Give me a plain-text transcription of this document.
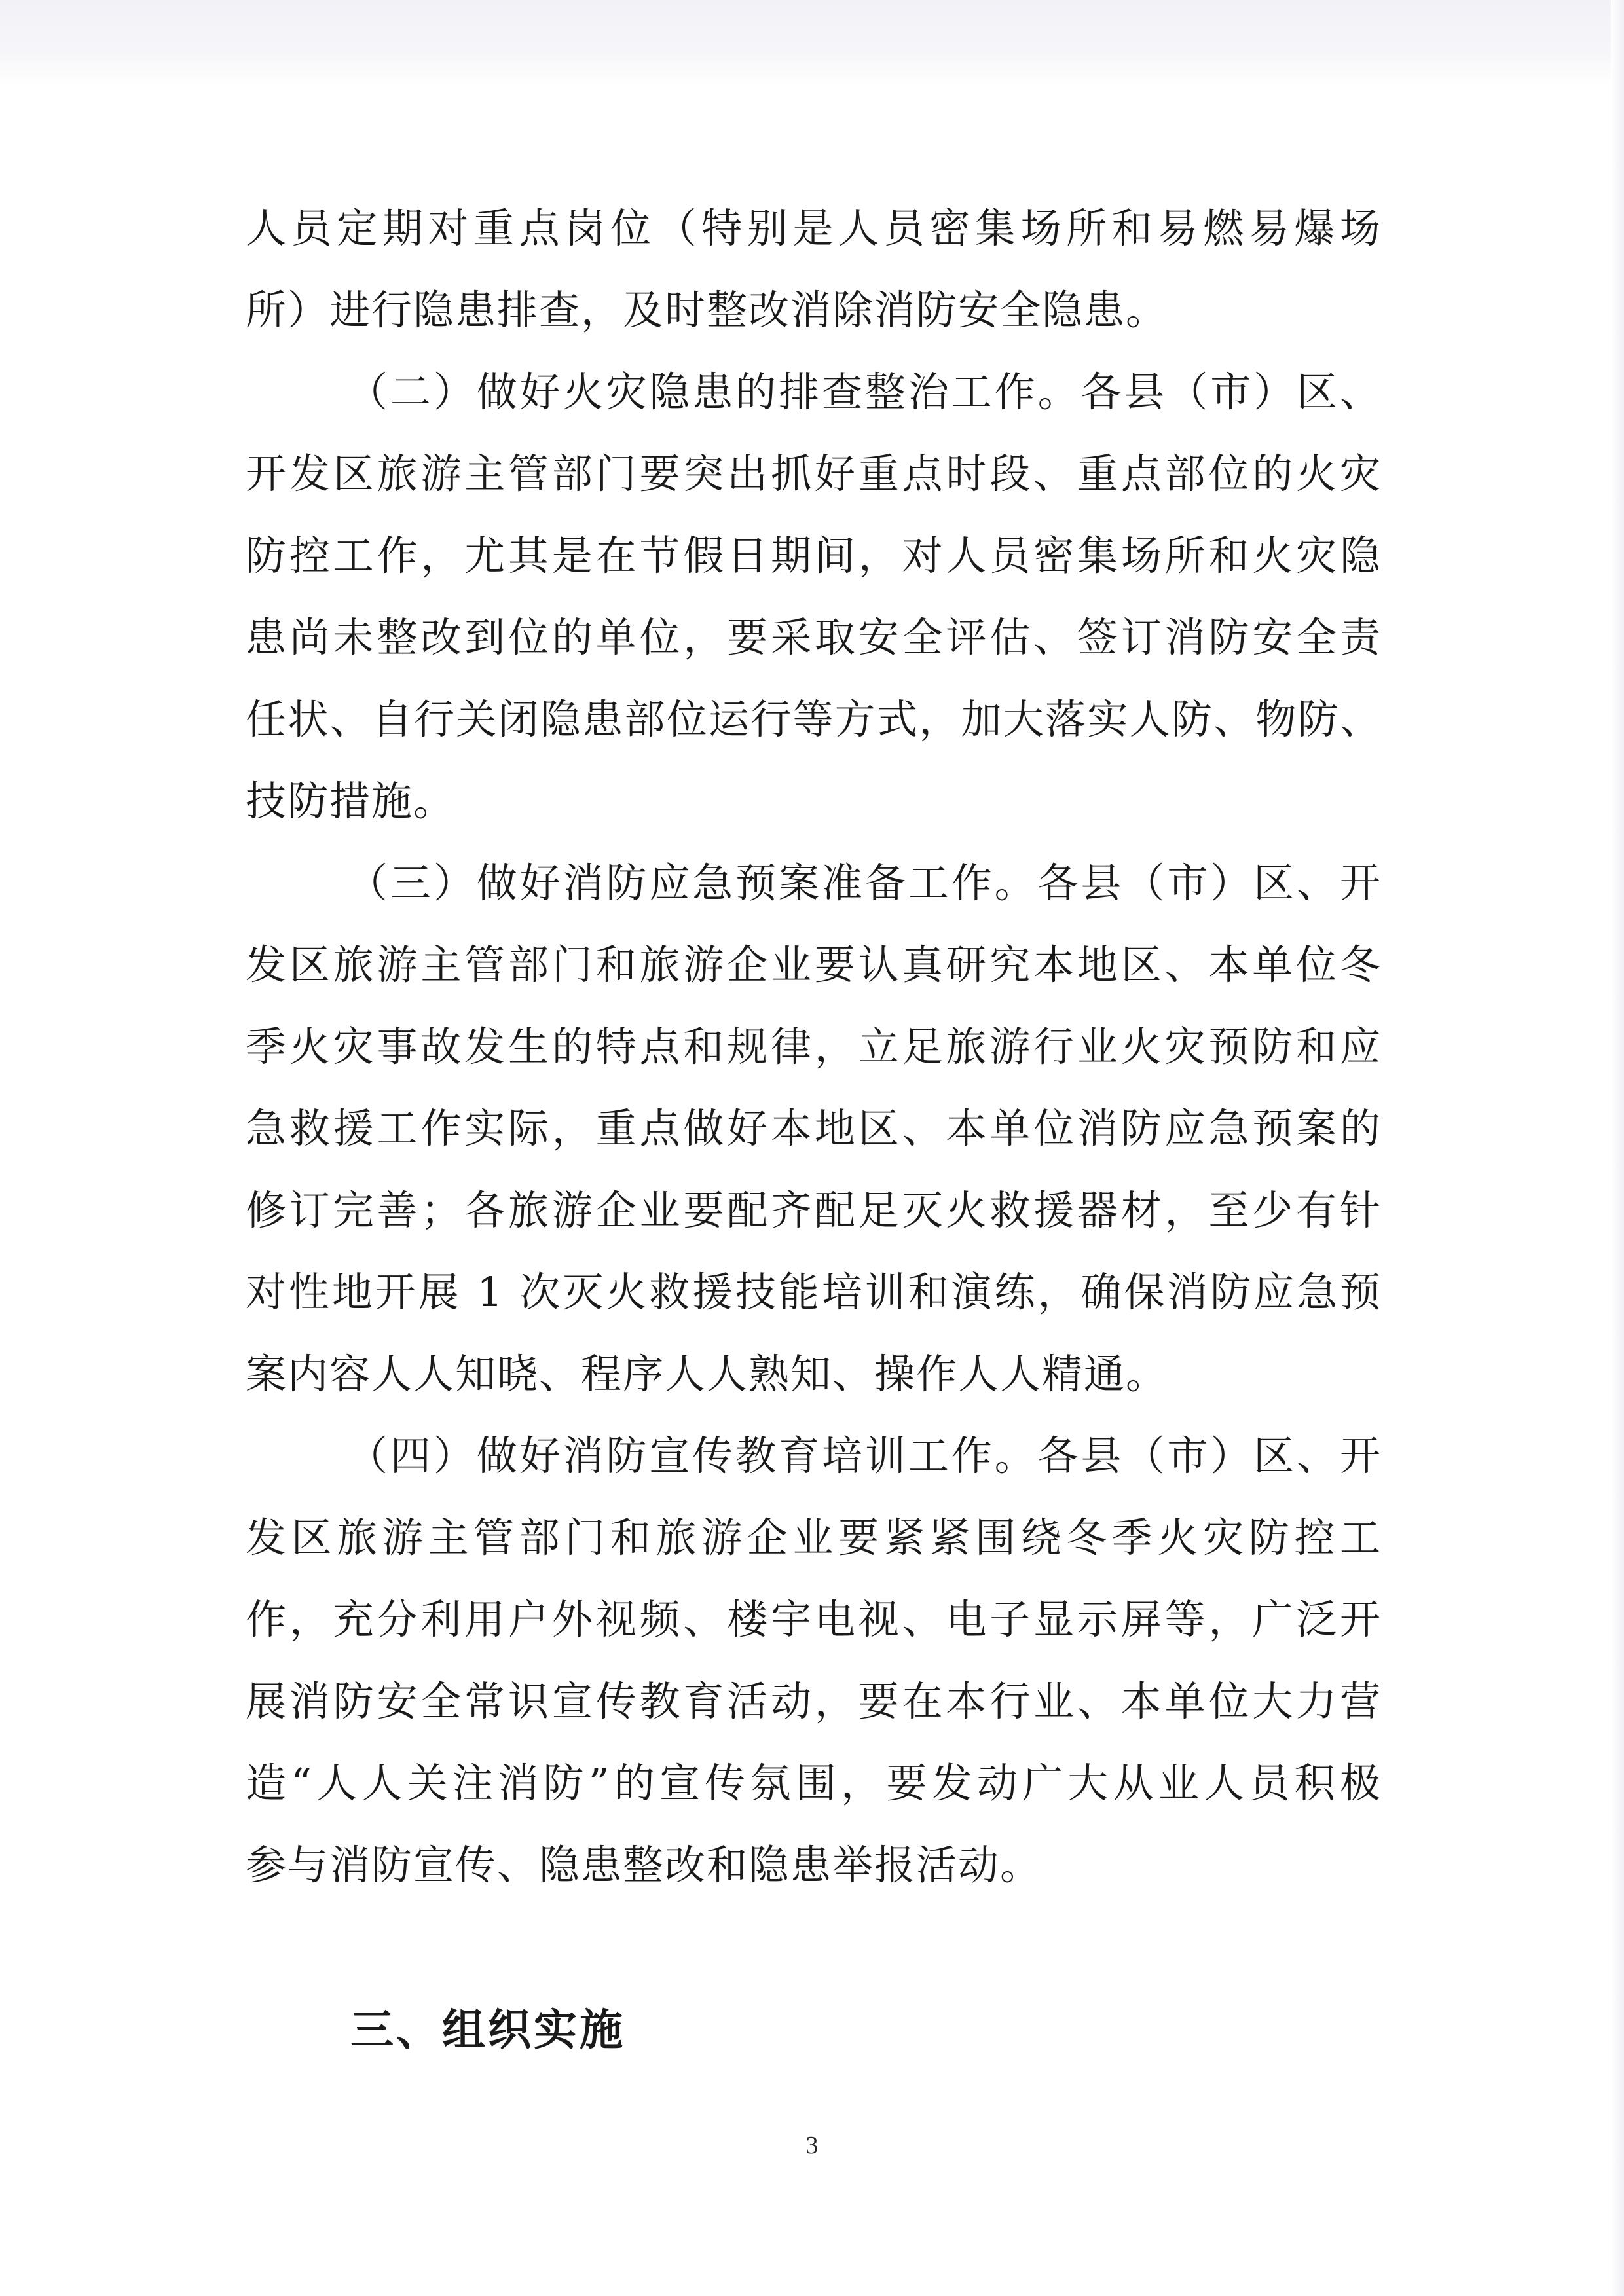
人员定期对重点岗位（特别是人员密集场所和易燃易爆场
所）进行隐患排查，及时整改消除消防安全隐患。
（二）做好火灾隐患的排查整治工作。各县（市）区、
开发区旅游主管部门要突出抓好重点时段、重点部位的火灾
防控工作，尤其是在节假日期间，对人员密集场所和火灾隐
患尚未整改到位的单位，要采取安全评估、签订消防安全责
任状、自行关闭隐患部位运行等方式，加大落实人防、物防、
技防措施。
（三）做好消防应急预案准备工作。各县（市）区、开
发区旅游主管部门和旅游企业要认真研究本地区、本单位冬
季火灾事故发生的特点和规律，立足旅游行业火灾预防和应
急救援工作实际，重点做好本地区、本单位消防应急预案的
修订完善；各旅游企业要配齐配足灭火救援器材，至少有针
对性地开展 1 次灭火救援技能培训和演练，确保消防应急预
案内容人人知晓、程序人人熟知、操作人人精通。
（四）做好消防宣传教育培训工作。各县（市）区、开
发区旅游主管部门和旅游企业要紧紧围绕冬季火灾防控工
作，充分利用户外视频、楼宇电视、电子显示屏等，广泛开
展消防安全常识宣传教育活动，要在本行业、本单位大力营
造“人人关注消防”的宣传氛围，要发动广大从业人员积极
参与消防宣传、隐患整改和隐患举报活动。
三、组织实施
3
